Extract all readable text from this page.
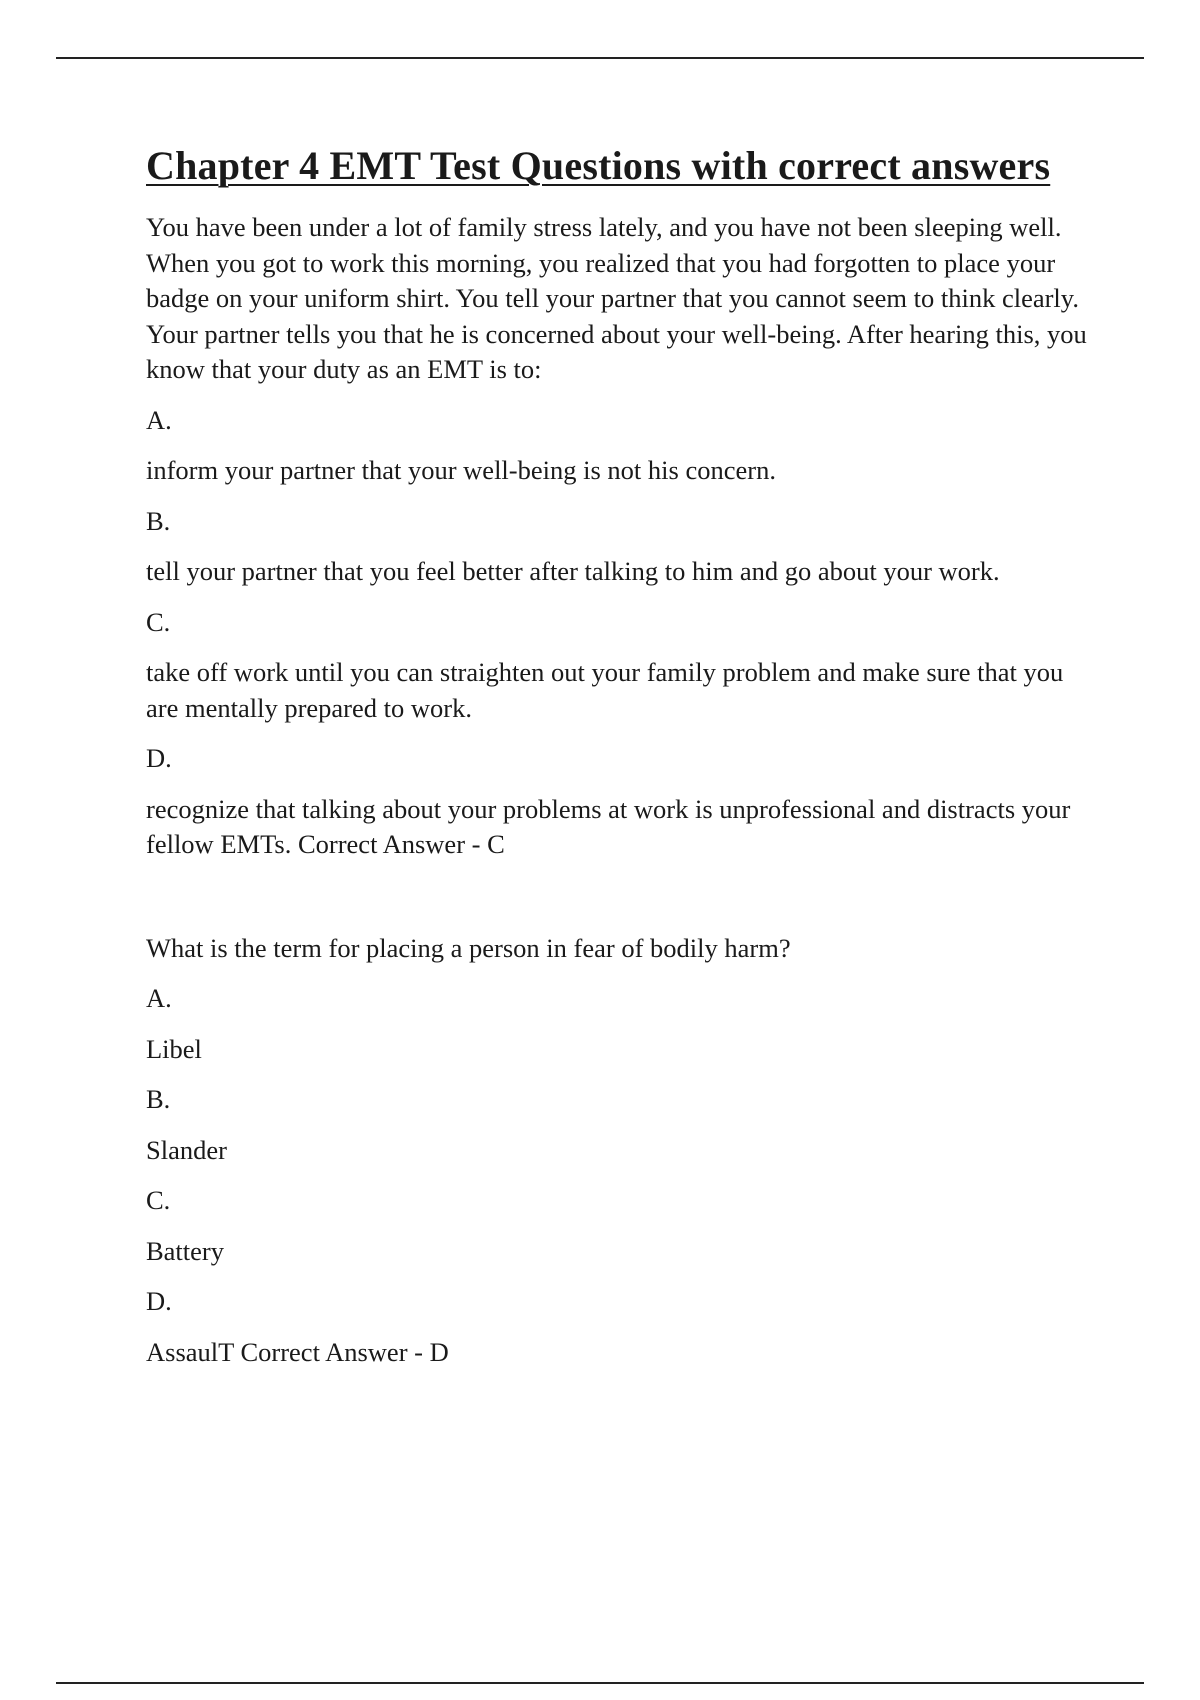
Chapter 4 EMT Test Questions with correct answers

You have been under a lot of family stress lately, and you have not been sleeping well. When you got to work this morning, you realized that you had forgotten to place your badge on your uniform shirt. You tell your partner that you cannot seem to think clearly. Your partner tells you that he is concerned about your well-being. After hearing this, you know that your duty as an EMT is to:

A.

inform your partner that your well-being is not his concern.

B.

tell your partner that you feel better after talking to him and go about your work.

C.

take off work until you can straighten out your family problem and make sure that you are mentally prepared to work.

D.

recognize that talking about your problems at work is unprofessional and distracts your fellow EMTs. Correct Answer - C

What is the term for placing a person in fear of bodily harm?

A.

Libel

B.

Slander

C.

Battery

D.

AssaulT Correct Answer - D
